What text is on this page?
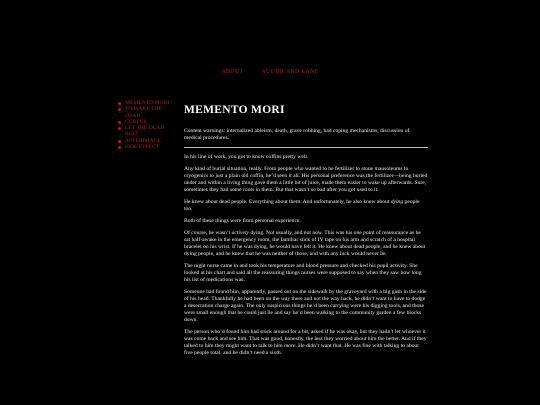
ABOUT	AUGUR AND LANE
MEMENTO MORI
TO WAKE THE DEAD
CORPUS
LET THE DEAD REST
AFTERIMAGE
SIDE EFFECT
MEMENTO MORI

Content warnings: internalized ableism, death, grave robbing, bad coping mechanisms, discussion of medical procedures.

In his line of work, you got to know coffins pretty well.

Any kind of burial situation, really. From people who wanted to be fertilizer to stone mausoleums to cryogenics to just a plain old coffin, he’d seen it all. His personal preference was the fertilizer—being buried under and within a living thing gave them a little bit of juice, made them easier to wake up afterwards. Sure, sometimes they had some roots in them. But that wasn’t so bad after you got used to it.

He knew about dead people. Everything about them. And unfortunately, he also knew about dying people too.

Both of these things were from personal experience.

Of course, he wasn’t actively dying. Not usually, and not now. This was his one point of reassurance as he sat half-awake in the emergency room, the familiar stick of IV tape on his arm and scratch of a hospital bracelet on his wrist. If he was dying, he would have felt it. He knew about dead people, and he knew about dying people, and he knew that he was neither of those, and with any luck would never be.

The night nurse came in and took his temperature and blood pressure and checked his pupil activity. She looked at his chart and said all the reassuring things nurses were supposed to say when they saw how long his list of medications was.

Someone had found him, apparently, passed out on the sidewalk by the graveyard with a big gash in the side of his head. Thankfully he had been on the way there and not the way back, he didn’t want to have to dodge a desecration charge again. The only suspicious things he’d been carrying were his digging tools, and those were small enough that he could just lie and say he’d been walking to the community garden a few blocks down.

The person who’d found him had stuck around for a bit, asked if he was okay, but they hadn’t let whoever it was come back and see him. That was good, honestly, the less they worried about him the better. And if they talked to him they might want to talk to him more. He didn’t want that. He was fine with talking to about five people total, and he didn’t need a sixth.
